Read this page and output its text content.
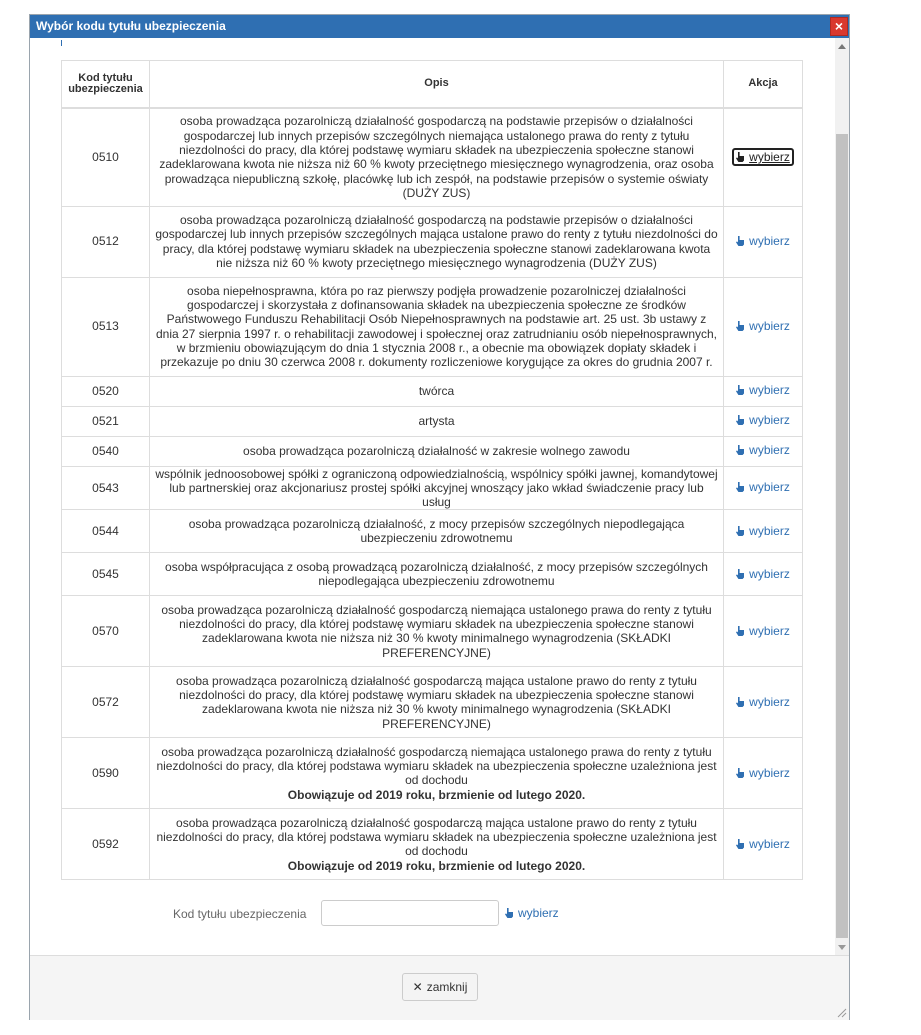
Wybór kodu tytułu ubezpieczenia	×
Kod tytułu ubezpieczenia	Opis	Akcja
0510	osoba prowadząca pozarolniczą działalność gospodarczą na podstawie przepisów o działalności gospodarczej lub innych przepisów szczególnych niemająca ustalonego prawa do renty z tytułu niezdolności do pracy, dla której podstawę wymiaru składek na ubezpieczenia społeczne stanowi zadeklarowana kwota nie niższa niż 60 % kwoty przeciętnego miesięcznego wynagrodzenia, oraz osoba prowadząca niepubliczną szkołę, placówkę lub ich zespół, na podstawie przepisów o systemie oświaty (DUŻY ZUS)	wybierz

0512	osoba prowadząca pozarolniczą działalność gospodarczą na podstawie przepisów o działalności gospodarczej lub innych przepisów szczególnych mająca ustalone prawo do renty z tytułu niezdolności do pracy, dla której podstawę wymiaru składek na ubezpieczenia społeczne stanowi zadeklarowana kwota nie niższa niż 60 % kwoty przeciętnego miesięcznego wynagrodzenia (DUŻY ZUS)	wybierz

0513	osoba niepełnosprawna, która po raz pierwszy podjęła prowadzenie pozarolniczej działalności gospodarczej i skorzystała z dofinansowania składek na ubezpieczenia społeczne ze środków Państwowego Funduszu Rehabilitacji Osób Niepełnosprawnych na podstawie art. 25 ust. 3b ustawy z dnia 27 sierpnia 1997 r. o rehabilitacji zawodowej i społecznej oraz zatrudnianiu osób niepełnosprawnych, w brzmieniu obowiązującym do dnia 1 stycznia 2008 r., a obecnie ma obowiązek dopłaty składek i przekazuje po dniu 30 czerwca 2008 r. dokumenty rozliczeniowe korygujące za okres do grudnia 2007 r.	wybierz

0520	twórca	wybierz

0521	artysta	wybierz

0540	osoba prowadząca pozarolniczą działalność w zakresie wolnego zawodu	wybierz

0543	wspólnik jednoosobowej spółki z ograniczoną odpowiedzialnością, wspólnicy spółki jawnej, komandytowej lub partnerskiej oraz akcjonariusz prostej spółki akcyjnej wnoszący jako wkład świadczenie pracy lub usług	wybierz

0544	osoba prowadząca pozarolniczą działalność, z mocy przepisów szczególnych niepodlegająca ubezpieczeniu zdrowotnemu	wybierz

0545	osoba współpracująca z osobą prowadzącą pozarolniczą działalność, z mocy przepisów szczególnych niepodlegająca ubezpieczeniu zdrowotnemu	wybierz

0570	osoba prowadząca pozarolniczą działalność gospodarczą niemająca ustalonego prawa do renty z tytułu niezdolności do pracy, dla której podstawę wymiaru składek na ubezpieczenia społeczne stanowi zadeklarowana kwota nie niższa niż 30 % kwoty minimalnego wynagrodzenia (SKŁADKI PREFERENCYJNE)	wybierz

0572	osoba prowadząca pozarolniczą działalność gospodarczą mająca ustalone prawo do renty z tytułu niezdolności do pracy, dla której podstawę wymiaru składek na ubezpieczenia społeczne stanowi zadeklarowana kwota nie niższa niż 30 % kwoty minimalnego wynagrodzenia (SKŁADKI PREFERENCYJNE)	wybierz

0590	osoba prowadząca pozarolniczą działalność gospodarczą niemająca ustalonego prawa do renty z tytułu niezdolności do pracy, dla której podstawa wymiaru składek na ubezpieczenia społeczne uzależniona jest od dochodu
Obowiązuje od 2019 roku, brzmienie od lutego 2020.	wybierz

0592	osoba prowadząca pozarolniczą działalność gospodarczą mająca ustalone prawo do renty z tytułu niezdolności do pracy, dla której podstawa wymiaru składek na ubezpieczenia społeczne uzależniona jest od dochodu
Obowiązuje od 2019 roku, brzmienie od lutego 2020.	wybierz
Kod tytułu ubezpieczenia	wybierz
✕ zamknij
